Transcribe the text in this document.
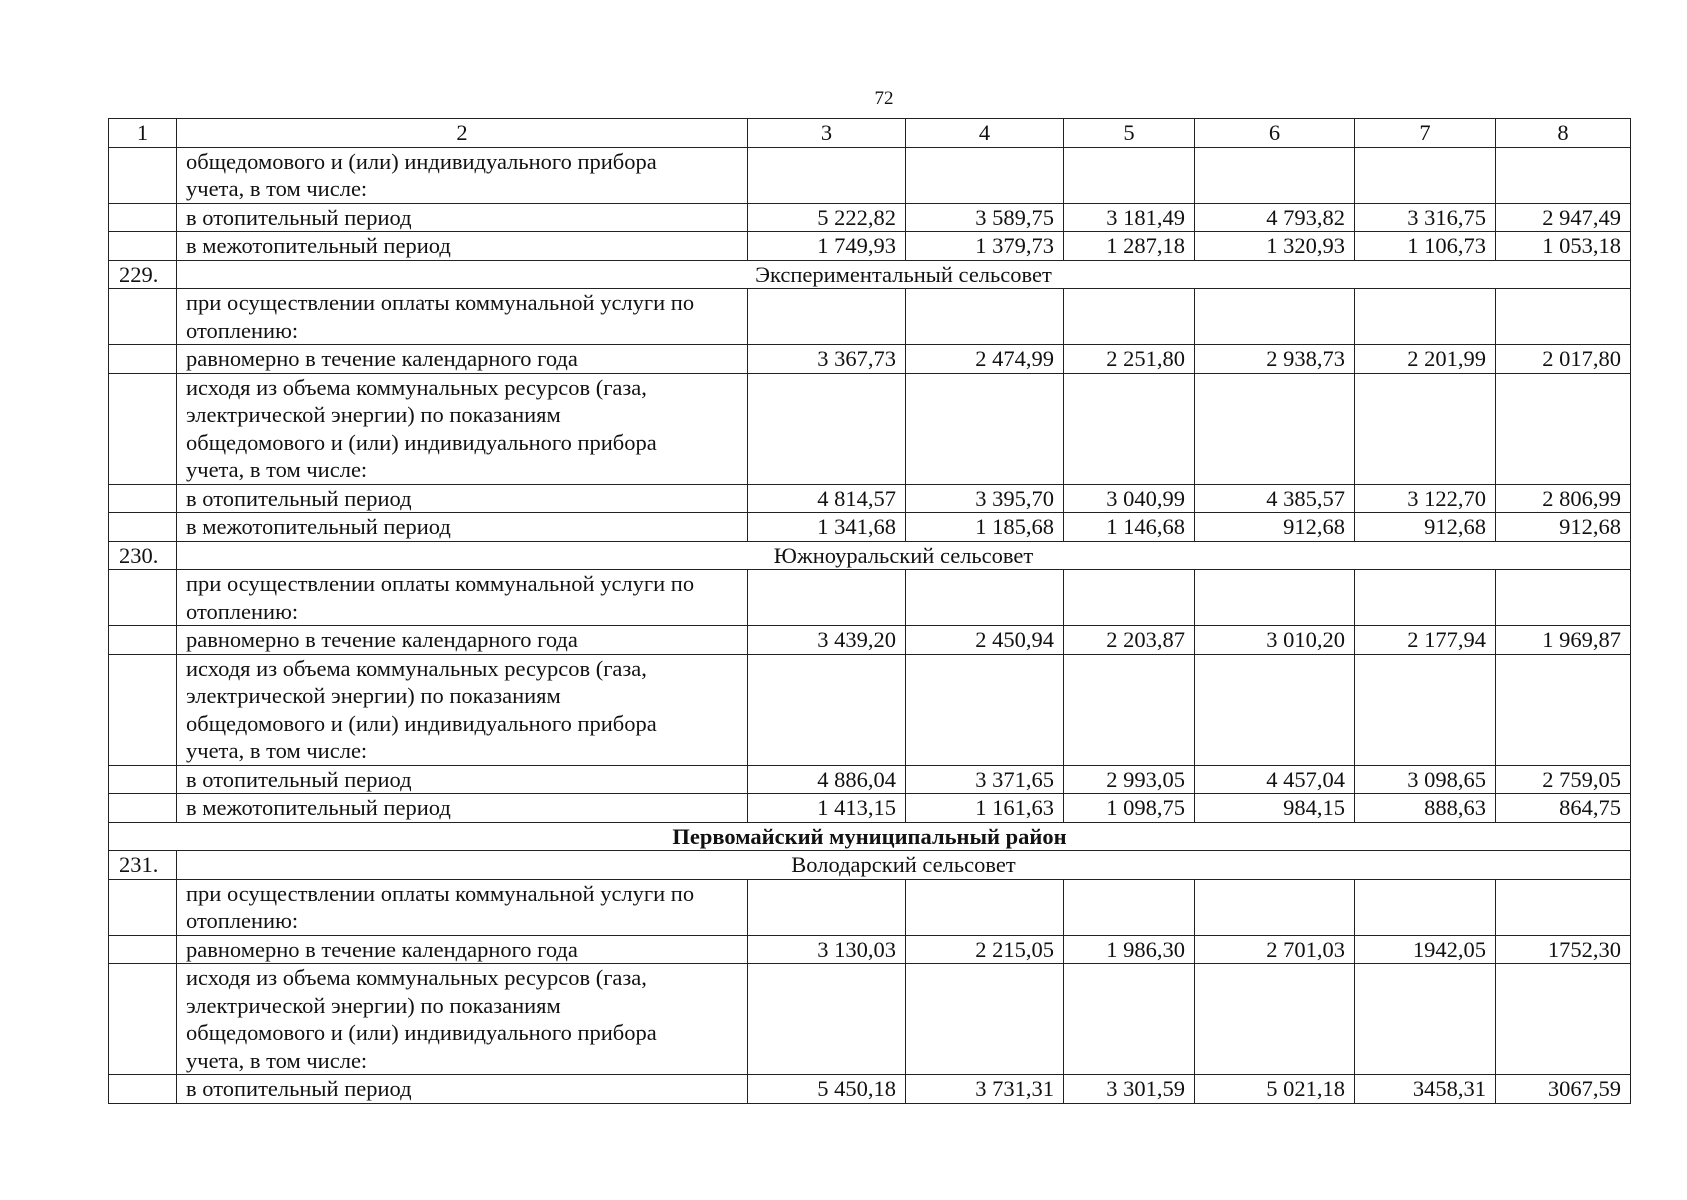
72
1	2	3	4	5	6	7	8

	общедомового и (или) индивидуального прибора
учета, в том числе:						

	в отопительный период	5 222,82	3 589,75	3 181,49	4 793,82	3 316,75	2 947,49
	в межотопительный период	1 749,93	1 379,73	1 287,18	1 320,93	1 106,73	1 053,18
229.	Экспериментальный сельсовет						

	при осуществлении оплаты коммунальной услуги по
отоплению:						

	равномерно в течение календарного года	3 367,73	2 474,99	2 251,80	2 938,73	2 201,99	2 017,80

	исходя из объема коммунальных ресурсов (газа,
электрической энергии) по показаниям
общедомового и (или) индивидуального прибора
учета, в том числе:						

	в отопительный период	4 814,57	3 395,70	3 040,99	4 385,57	3 122,70	2 806,99
	в межотопительный период	1 341,68	1 185,68	1 146,68	912,68	912,68	912,68
230.	Южноуральский сельсовет						

	при осуществлении оплаты коммунальной услуги по
отоплению:						

	равномерно в течение календарного года	3 439,20	2 450,94	2 203,87	3 010,20	2 177,94	1 969,87

	исходя из объема коммунальных ресурсов (газа,
электрической энергии) по показаниям
общедомового и (или) индивидуального прибора
учета, в том числе:						

	в отопительный период	4 886,04	3 371,65	2 993,05	4 457,04	3 098,65	2 759,05
	в межотопительный период	1 413,15	1 161,63	1 098,75	984,15	888,63	864,75
Первомайский муниципальный район							
231.	Володарский сельсовет						

	при осуществлении оплаты коммунальной услуги по
отоплению:						

	равномерно в течение календарного года	3 130,03	2 215,05	1 986,30	2 701,03	1942,05	1752,30

	исходя из объема коммунальных ресурсов (газа,
электрической энергии) по показаниям
общедомового и (или) индивидуального прибора
учета, в том числе:						

	в отопительный период	5 450,18	3 731,31	3 301,59	5 021,18	3458,31	3067,59
